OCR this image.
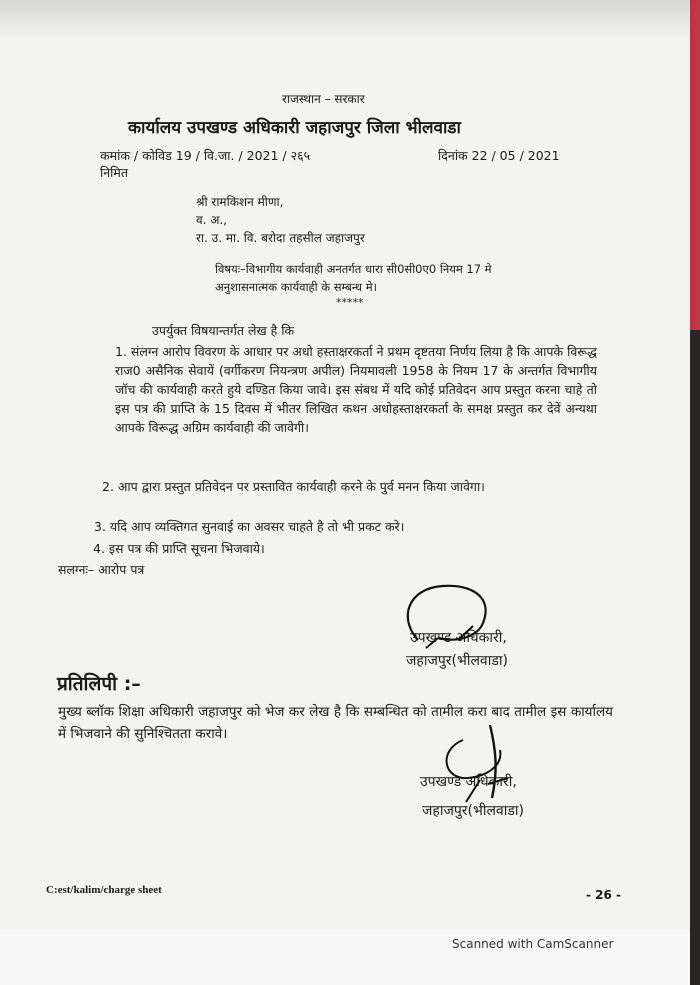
राजस्थान – सरकार
कार्यालय उपखण्ड अधिकारी जहाजपुर जिला भीलवाडा
कमांक / कोविड 19 / वि.जा. / 2021 / २६५	दिनांक 22 / 05 / 2021
निमित
श्री रामकिशन मीणा,
व. अ.,
रा. उ. मा. वि. बरोदा तहसील जहाजपुर
विषयः–विभागीय कार्यवाही अनतर्गत धारा सी0सी0ए0 नियम 17 मे
अनुशासनात्मक कार्यवाही के सम्बन्ध मे।
*****
उपर्युक्त विषयान्तर्गत लेख है कि
1. संलग्न आरोप विवरण के आधार पर अधो हस्ताक्षरकर्ता ने प्रथम दृष्टतया निर्णय लिया है कि आपके विरूद्ध राज0 असैनिक सेवायें (वर्गीकरण नियन्त्रण अपील) नियमावली 1958 के नियम 17 के अन्तर्गत विभागीय जॉच की कार्यवाही करते हुये दण्डित किया जावे। इस संबध में यदि कोई प्रतिवेदन आप प्रस्तुत करना चाहे तो इस पत्र की प्राप्ति के 15 दिवस में भीतर लिखित कथन अधोहस्ताक्षरकर्ता के समक्ष प्रस्तुत कर देवें अन्यथा आपके विरूद्ध अग्रिम कार्यवाही की जावेगी।
2. आप द्वारा प्रस्तुत प्रतिवेदन पर प्रस्तावित कार्यवाही करने के पुर्व मनन किया जावेगा।
3. यदि आप व्यक्तिगत सुनवाई का अवसर चाहते है तो भी प्रकट करे।
4. इस पत्र की प्राप्ति सूचना भिजवाये।
सलग्नः– आरोप पत्र
उपखण्ड अधिकारी,
जहाजपुर(भीलवाडा)
प्रतिलिपी :–
मुख्य ब्लॉक शिक्षा अधिकारी जहाजपुर को भेज कर लेख है कि सम्बन्धित को तामील करा बाद तामील इस कार्यालय में भिजवाने की सुनिश्चितता करावे।
उपखण्ड अधिकारी,
जहाजपुर(भीलवाडा)
C:est/kalim/charge sheet	- 26 -
Scanned with CamScanner
